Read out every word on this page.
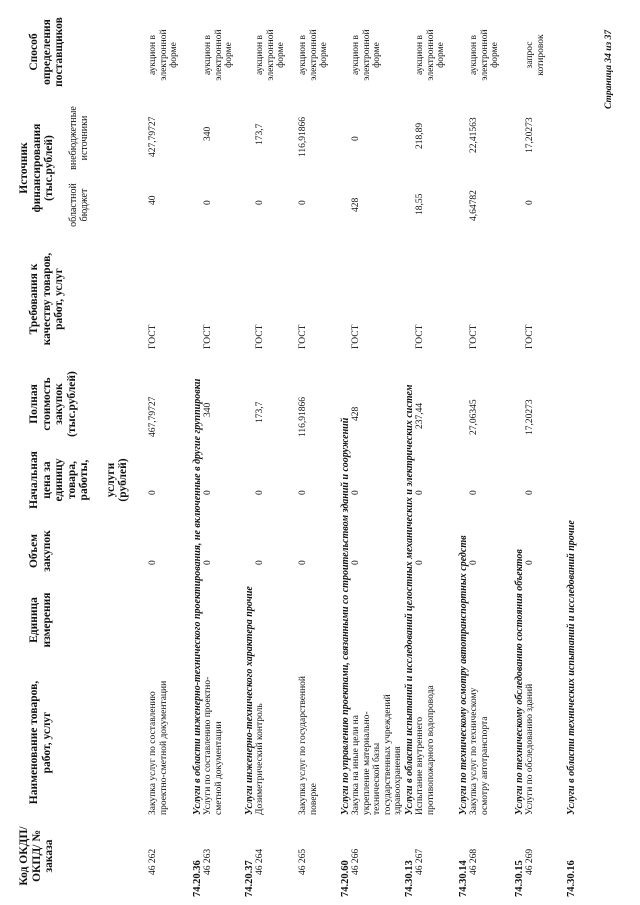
Код ОКДП/ ОКПД/ № заказа
Наименование товаров, работ, услуг
Единица измерения
Объем закупок
Начальная цена за единицу товара, работы, услуги (рублей)
Полная стоимость закупок (тыс.рублей)
Требования к качеству товаров, работ, услуг
Источник финансирования (тыс.рублей)
областной бюджет
внебюджетные источники
Способ определения поставщиков
46 262
Закупка услуг по составлению проектно-сметной документации
0
0
467,79727
ГОСТ
40
427,79727
аукцион в электронной форме
74.20.36
Услуги в области инженерно-технического проектирования, не включенные в другие группировки
46 263
Услуги по составлению проектно-сметной документации
0
0
340
ГОСТ
0
340
аукцион в электронной форме
74.20.37
Услуги инженерно-технического характера прочие
46 264
Дозиметрический контроль
0
0
173,7
ГОСТ
0
173,7
аукцион в электронной форме
46 265
Закупка услуг по государственной поверке
0
0
116,91866
ГОСТ
0
116,91866
аукцион в электронной форме
74.20.60
Услуги по управлению проектами, связанными со строительством зданий и сооружений
46 266
Закупка на иные цели на укрепление материально-технической базы государственных учреждений здравоохранения
0
0
428
ГОСТ
428
0
аукцион в электронной форме
74.30.13
Услуги в области испытаний и исследований целостных механических и электрических систем
46 267
Испытание внутреннего противопожарного водопровода
0
0
237,44
ГОСТ
18,55
218,89
аукцион в электронной форме
74.30.14
Услуги по техническому осмотру автотранспортных средств
46 268
Закупка услуг по техническому осмотру автотранспорта
0
0
27,06345
ГОСТ
4,64782
22,41563
аукцион в электронной форме
74.30.15
Услуги по техническому обследованию состояния объектов
46 269
Услуги по обследованию зданий
0
0
17,20273
ГОСТ
0
17,20273
запрос котировок
74.30.16
Услуги в области технических испытаний и исследований прочие
Страница 34 из 37
